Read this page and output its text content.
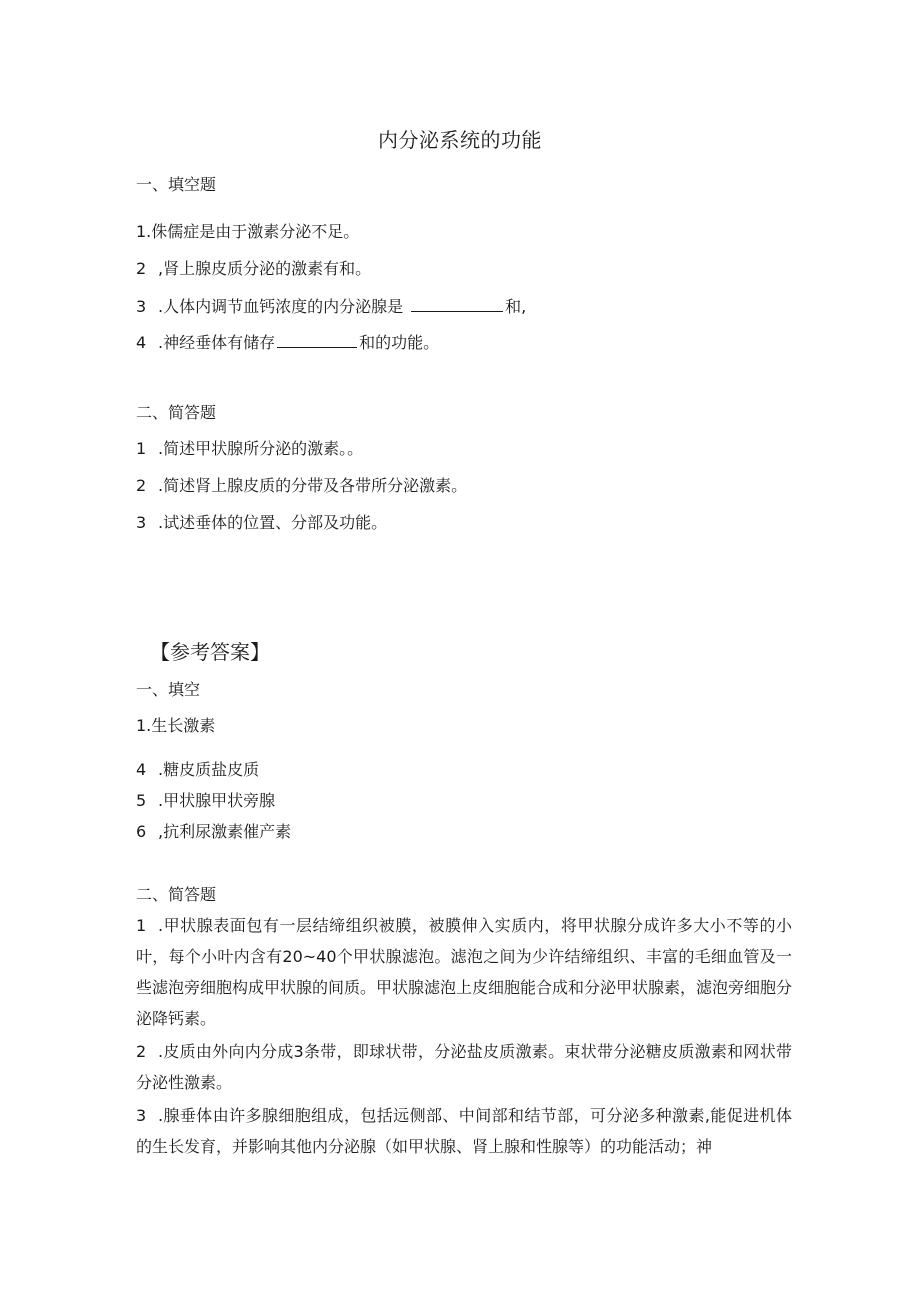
内分泌系统的功能
一、填空题
1.侏儒症是由于激素分泌不足。
2 ,肾上腺皮质分泌的激素有和。
3 .人体内调节血钙浓度的内分泌腺是	和,
4 .神经垂体有储存	和的功能。
二、简答题
1 .简述甲状腺所分泌的激素。。
2 .简述肾上腺皮质的分带及各带所分泌激素。
3 .试述垂体的位置、分部及功能。
【参考答案】
一、填空
1.生长激素
4 .糖皮质盐皮质
5 .甲状腺甲状旁腺
6 ,抗利尿激素催产素
二、简答题
1 .甲状腺表面包有一层结缔组织被膜，被膜伸入实质内，将甲状腺分成许多大小不等的小叶，每个小叶内含有20~40个甲状腺滤泡。滤泡之间为少许结缔组织、丰富的毛细血管及一些滤泡旁细胞构成甲状腺的间质。甲状腺滤泡上皮细胞能合成和分泌甲状腺素，滤泡旁细胞分泌降钙素。
2 .皮质由外向内分成3条带，即球状带，分泌盐皮质激素。束状带分泌糖皮质激素和网状带分泌性激素。
3 .腺垂体由许多腺细胞组成，包括远侧部、中间部和结节部，可分泌多种激素,能促进机体的生长发育，并影响其他内分泌腺（如甲状腺、肾上腺和性腺等）的功能活动；神
